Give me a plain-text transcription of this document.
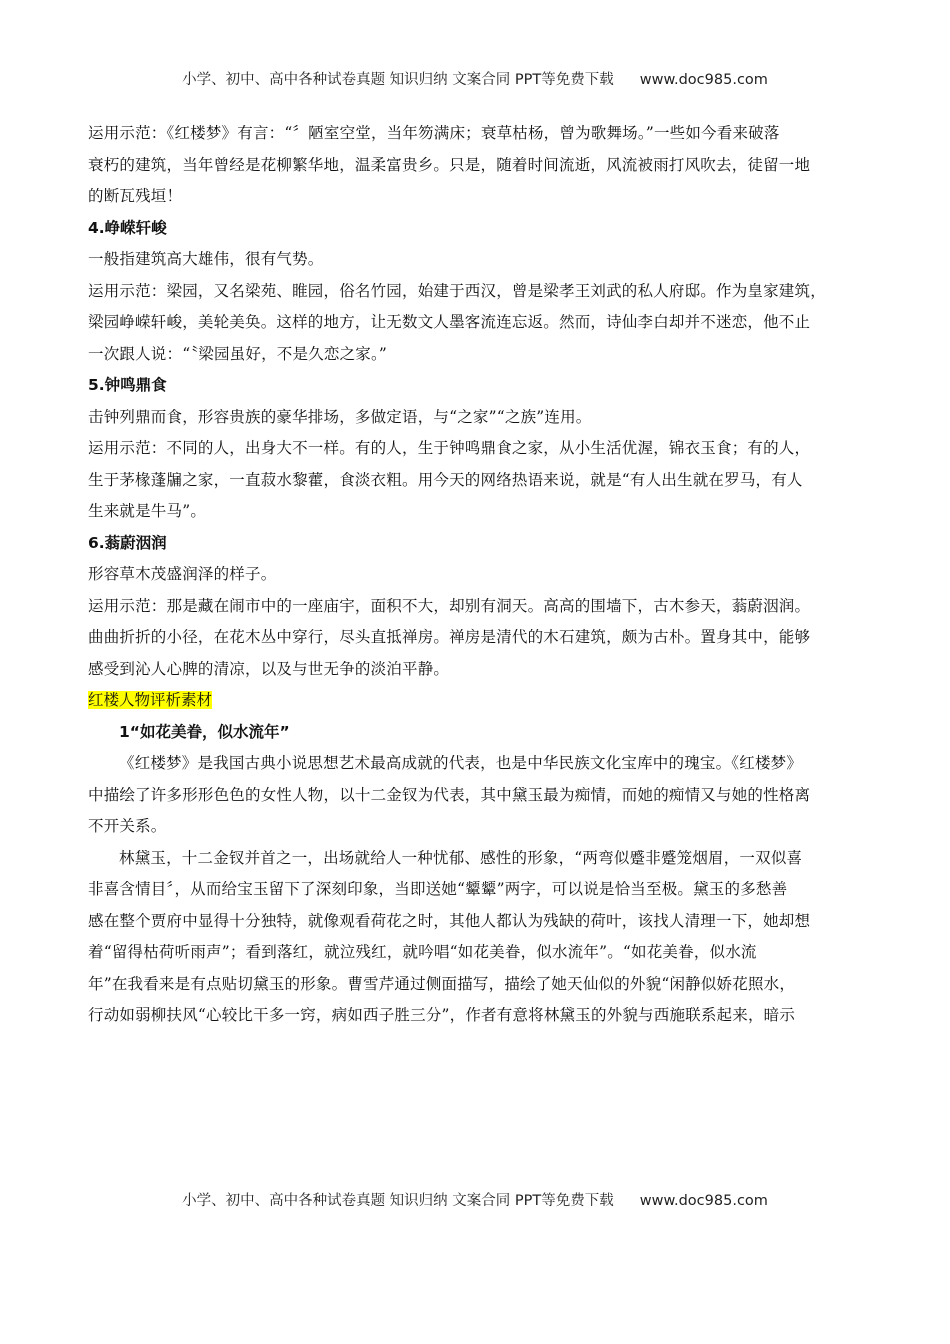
小学、初中、高中各种试卷真题 知识归纳 文案合同 PPT等免费下载 www.doc985.com

运用示范：《红楼梦》有言：“〞陋室空堂，当年笏满床；衰草枯杨，曾为歌舞场。”一些如今看来破落

衰朽的建筑，当年曾经是花柳繁华地，温柔富贵乡。只是，随着时间流逝，风流被雨打风吹去，徒留一地

的断瓦残垣！

4.峥嵘轩峻

一般指建筑高大雄伟，很有气势。

运用示范：梁园，又名梁苑、睢园，俗名竹园，始建于西汉，曾是梁孝王刘武的私人府邸。作为皇家建筑，

梁园峥嵘轩峻，美轮美奂。这样的地方，让无数文人墨客流连忘返。然而，诗仙李白却并不迷恋，他不止

一次跟人说：“〝梁园虽好，不是久恋之家。”

5.钟鸣鼎食

击钟列鼎而食，形容贵族的豪华排场，多做定语，与“之家”“之族”连用。

运用示范：不同的人，出身大不一样。有的人，生于钟鸣鼎食之家，从小生活优渥，锦衣玉食；有的人，

生于茅椽蓬牖之家，一直菽水黎藿，食淡衣粗。用今天的网络热语来说，就是“有人出生就在罗马，有人

生来就是牛马”。

6.蓊蔚洇润

形容草木茂盛润泽的样子。

运用示范：那是藏在闹市中的一座庙宇，面积不大，却别有洞天。高高的围墙下，古木参天，蓊蔚洇润。

曲曲折折的小径，在花木丛中穿行，尽头直抵禅房。禅房是清代的木石建筑，颇为古朴。置身其中，能够

感受到沁人心脾的清凉，以及与世无争的淡泊平静。

红楼人物评析素材

1“如花美眷，似水流年”

《红楼梦》是我国古典小说思想艺术最高成就的代表，也是中华民族文化宝库中的瑰宝。《红楼梦》

中描绘了许多形形色色的女性人物，以十二金钗为代表，其中黛玉最为痴情，而她的痴情又与她的性格离

不开关系。

林黛玉，十二金钗并首之一，出场就给人一种忧郁、感性的形象，“两弯似蹙非蹙笼烟眉，一双似喜

非喜含情目〞，从而给宝玉留下了深刻印象，当即送她“颦颦”两字，可以说是恰当至极。黛玉的多愁善

感在整个贾府中显得十分独特，就像观看荷花之时，其他人都认为残缺的荷叶，该找人清理一下，她却想

着“留得枯荷听雨声”；看到落红，就泣残红，就吟唱“如花美眷，似水流年”。“如花美眷，似水流

年”在我看来是有点贴切黛玉的形象。曹雪芹通过侧面描写，描绘了她天仙似的外貌“闲静似娇花照水，

行动如弱柳扶风“心较比干多一窍，病如西子胜三分”，作者有意将林黛玉的外貌与西施联系起来，暗示

小学、初中、高中各种试卷真题 知识归纳 文案合同 PPT等免费下载 www.doc985.com
